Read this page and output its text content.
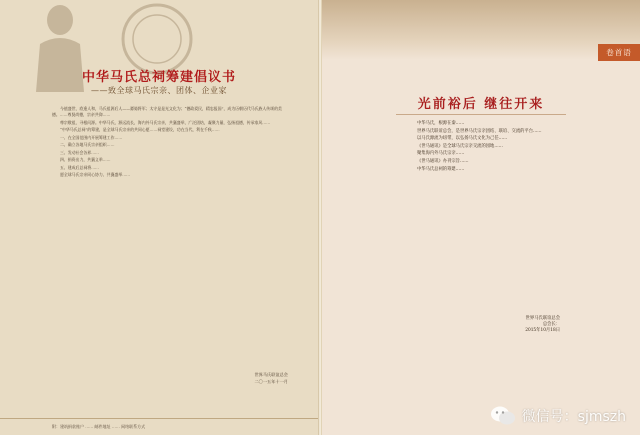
中华马氏总祠筹建倡议书
——致全球马氏宗亲、团体、企业家

今值盛世，欣逢人和，马氏祖源后人——骠骑将军；太守是是光文化为；“德政爱民，精忠报国”，成为历朝历代马氏族人传颂的美德。……尊贤尚德，宗亲共仰……

尊宗敬祖，寻根问源。中华马氏，源远流长，海内外马氏宗亲，共襄盛举，广泛团结，凝聚力量，弘扬祖德，传承家风……

“中华马氏总祠”的筹建，是全球马氏宗亲的共同心愿……祠堂建设，功在当代，利在千秋……

一、在全国范围内开展筹建工作……

二、确立各地马氏宗亲组织……

三、发动社会各界……

四、捐资出力，共襄义举……

五、建成后总祠将……

愿全球马氏宗亲同心协力、共襄盛举……

世界马氏联谊总会
二〇一五年十一月
附：建筑捐款账户 …… 邮件地址 …… 网络联系方式
卷首语
光前裕后 继往开来

中华马氏，根源在秦……

世界马氏联谊总会，是世界马氏宗亲团结、联谊、交流的平台……

以马氏源流为纽带，以弘扬马氏文化为己任……

《世马通讯》是全球马氏宗亲交流的园地……

聚集海内外马氏宗亲……

《世马通讯》办刊宗旨……

中华马氏总祠的筹建……

世界马氏联谊总会
总会长：
2015年10月18日
微信号：sjmszh
